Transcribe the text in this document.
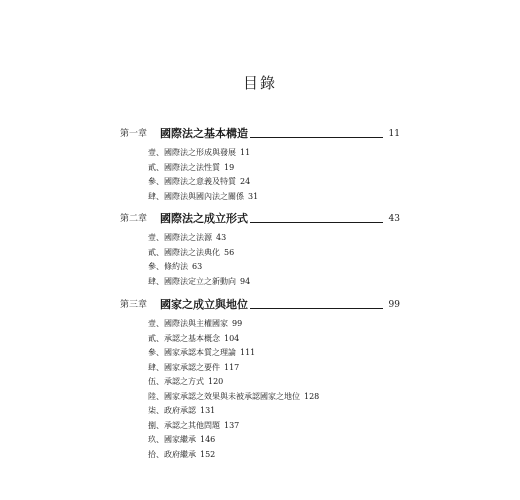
目錄
第一章	國際法之基本構造	11
壹、國際法之形成與發展 11
貳、國際法之法性質 19
參、國際法之意義及特質 24
肆、國際法與國內法之關係 31
第二章	國際法之成立形式	43
壹、國際法之法源 43
貳、國際法之法典化 56
參、條約法 63
肆、國際法定立之新動向 94
第三章	國家之成立與地位	99
壹、國際法與主權國家 99
貳、承認之基本概念 104
參、國家承認本質之理論 111
肆、國家承認之要件 117
伍、承認之方式 120
陸、國家承認之效果與未被承認國家之地位 128
柒、政府承認 131
捌、承認之其他問題 137
玖、國家繼承 146
拾、政府繼承 152
